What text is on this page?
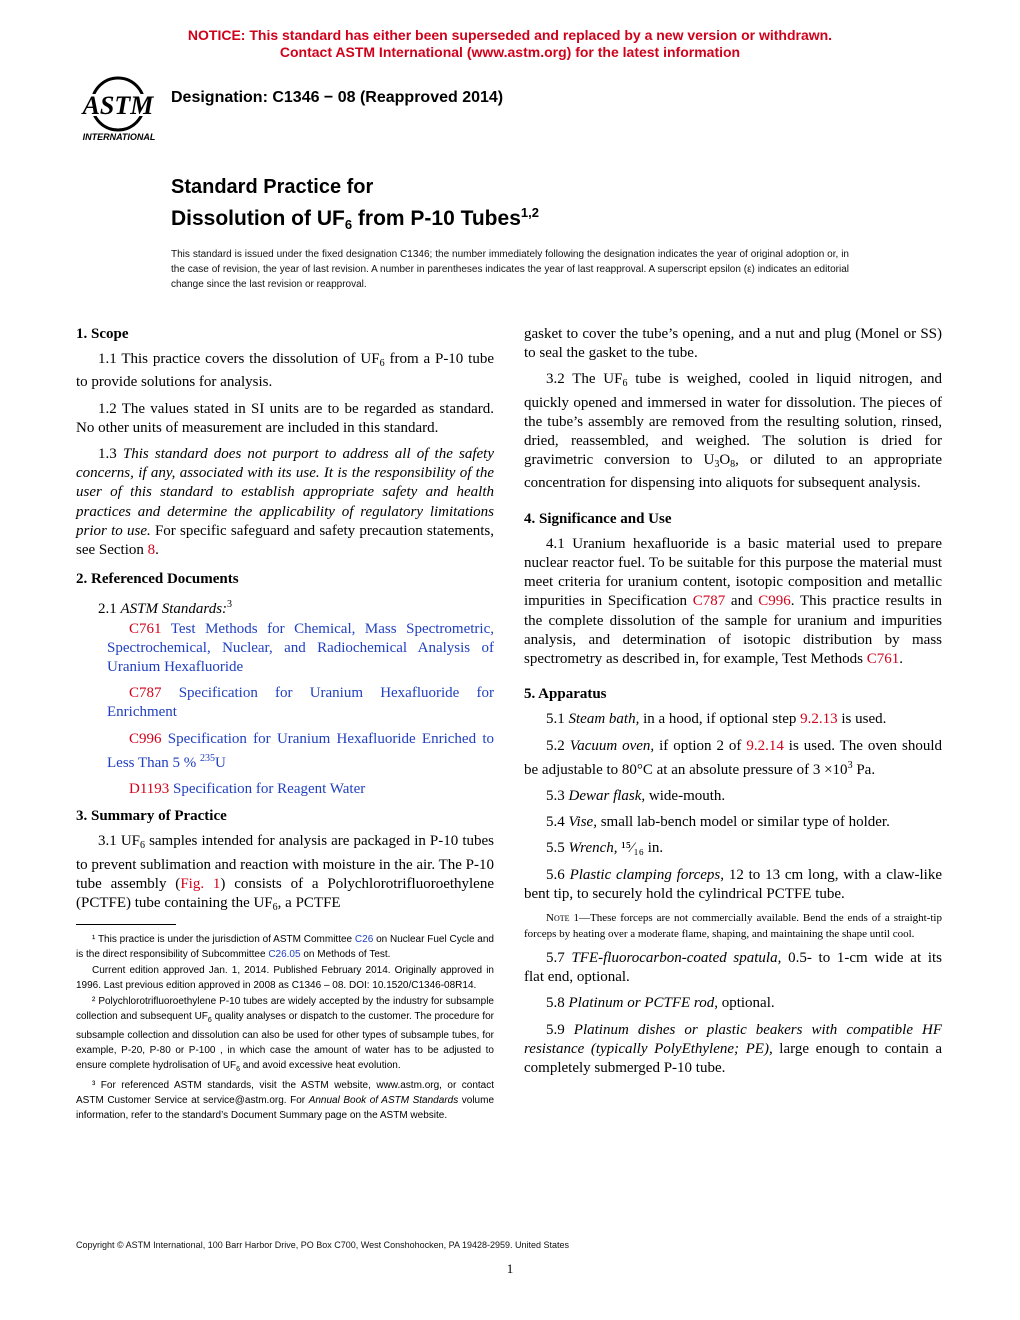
NOTICE: This standard has either been superseded and replaced by a new version or withdrawn.
Contact ASTM International (www.astm.org) for the latest information
ASTM
INTERNATIONAL
Designation: C1346 − 08 (Reapproved 2014)
Standard Practice for
Dissolution of $UF_6$ from P-10 Tubes$^{1,2}$
This standard is issued under the fixed designation C1346; the number immediately following the designation indicates the year of original adoption or, in the case of revision, the year of last revision. A number in parentheses indicates the year of last reapproval. A superscript epsilon (ε) indicates an editorial change since the last revision or reapproval.
1. Scope

1.1 This practice covers the dissolution of $UF_6$ from a P-10 tube to provide solutions for analysis.

1.2 The values stated in SI units are to be regarded as standard. No other units of measurement are included in this standard.

1.3 This standard does not purport to address all of the safety concerns, if any, associated with its use. It is the responsibility of the user of this standard to establish appropriate safety and health practices and determine the applicability of regulatory limitations prior to use. For specific safeguard and safety precaution statements, see Section 8.

2. Referenced Documents

2.1 ASTM Standards:$^3$

C761 Test Methods for Chemical, Mass Spectrometric, Spectrochemical, Nuclear, and Radiochemical Analysis of Uranium Hexafluoride

C787 Specification for Uranium Hexafluoride for Enrichment

C996 Specification for Uranium Hexafluoride Enriched to Less Than 5 % $^{235}$U

D1193 Specification for Reagent Water

3. Summary of Practice

3.1 $UF_6$ samples intended for analysis are packaged in P-10 tubes to prevent sublimation and reaction with moisture in the air. The P-10 tube assembly (Fig. 1) consists of a Polychlorotrifluoroethylene (PCTFE) tube containing the $UF_6$, a PCTFE

¹ This practice is under the jurisdiction of ASTM Committee C26 on Nuclear Fuel Cycle and is the direct responsibility of Subcommittee C26.05 on Methods of Test.

Current edition approved Jan. 1, 2014. Published February 2014. Originally approved in 1996. Last previous edition approved in 2008 as C1346 – 08. DOI: 10.1520/C1346-08R14.

² Polychlorotrifluoroethylene P-10 tubes are widely accepted by the industry for subsample collection and subsequent $UF_6$ quality analyses or dispatch to the customer. The procedure for subsample collection and dissolution can also be used for other types of subsample tubes, for example, P-20, P-80 or P-100 , in which case the amount of water has to be adjusted to ensure complete hydrolisation of $UF_6$ and avoid excessive heat evolution.

³ For referenced ASTM standards, visit the ASTM website, www.astm.org, or contact ASTM Customer Service at service@astm.org. For Annual Book of ASTM Standards volume information, refer to the standard’s Document Summary page on the ASTM website.

gasket to cover the tube’s opening, and a nut and plug (Monel or SS) to seal the gasket to the tube.

3.2 The $UF_6$ tube is weighed, cooled in liquid nitrogen, and quickly opened and immersed in water for dissolution. The pieces of the tube’s assembly are removed from the resulting solution, rinsed, dried, reassembled, and weighed. The solution is dried for gravimetric conversion to $U_3O_8$, or diluted to an appropriate concentration for dispensing into aliquots for subsequent analysis.

4. Significance and Use

4.1 Uranium hexafluoride is a basic material used to prepare nuclear reactor fuel. To be suitable for this purpose the material must meet criteria for uranium content, isotopic composition and metallic impurities in Specification C787 and C996. This practice results in the complete dissolution of the sample for uranium and impurities analysis, and determination of isotopic distribution by mass spectrometry as described in, for example, Test Methods C761.

5. Apparatus

5.1 Steam bath, in a hood, if optional step 9.2.13 is used.

5.2 Vacuum oven, if option 2 of 9.2.14 is used. The oven should be adjustable to 80°C at an absolute pressure of $3 \times 10^3$ Pa.

5.3 Dewar flask, wide-mouth.

5.4 Vise, small lab-bench model or similar type of holder.

5.5 Wrench, ¹⁵⁄₁₆ in.

5.6 Plastic clamping forceps, 12 to 13 cm long, with a claw-like bent tip, to securely hold the cylindrical PCTFE tube.

Note 1—These forceps are not commercially available. Bend the ends of a straight-tip forceps by heating over a moderate flame, shaping, and maintaining the shape until cool.

5.7 TFE-fluorocarbon-coated spatula, 0.5- to 1-cm wide at its flat end, optional.

5.8 Platinum or PCTFE rod, optional.

5.9 Platinum dishes or plastic beakers with compatible HF resistance (typically PolyEthylene; PE), large enough to contain a completely submerged P-10 tube.

Copyright © ASTM International, 100 Barr Harbor Drive, PO Box C700, West Conshohocken, PA 19428-2959. United States
1
